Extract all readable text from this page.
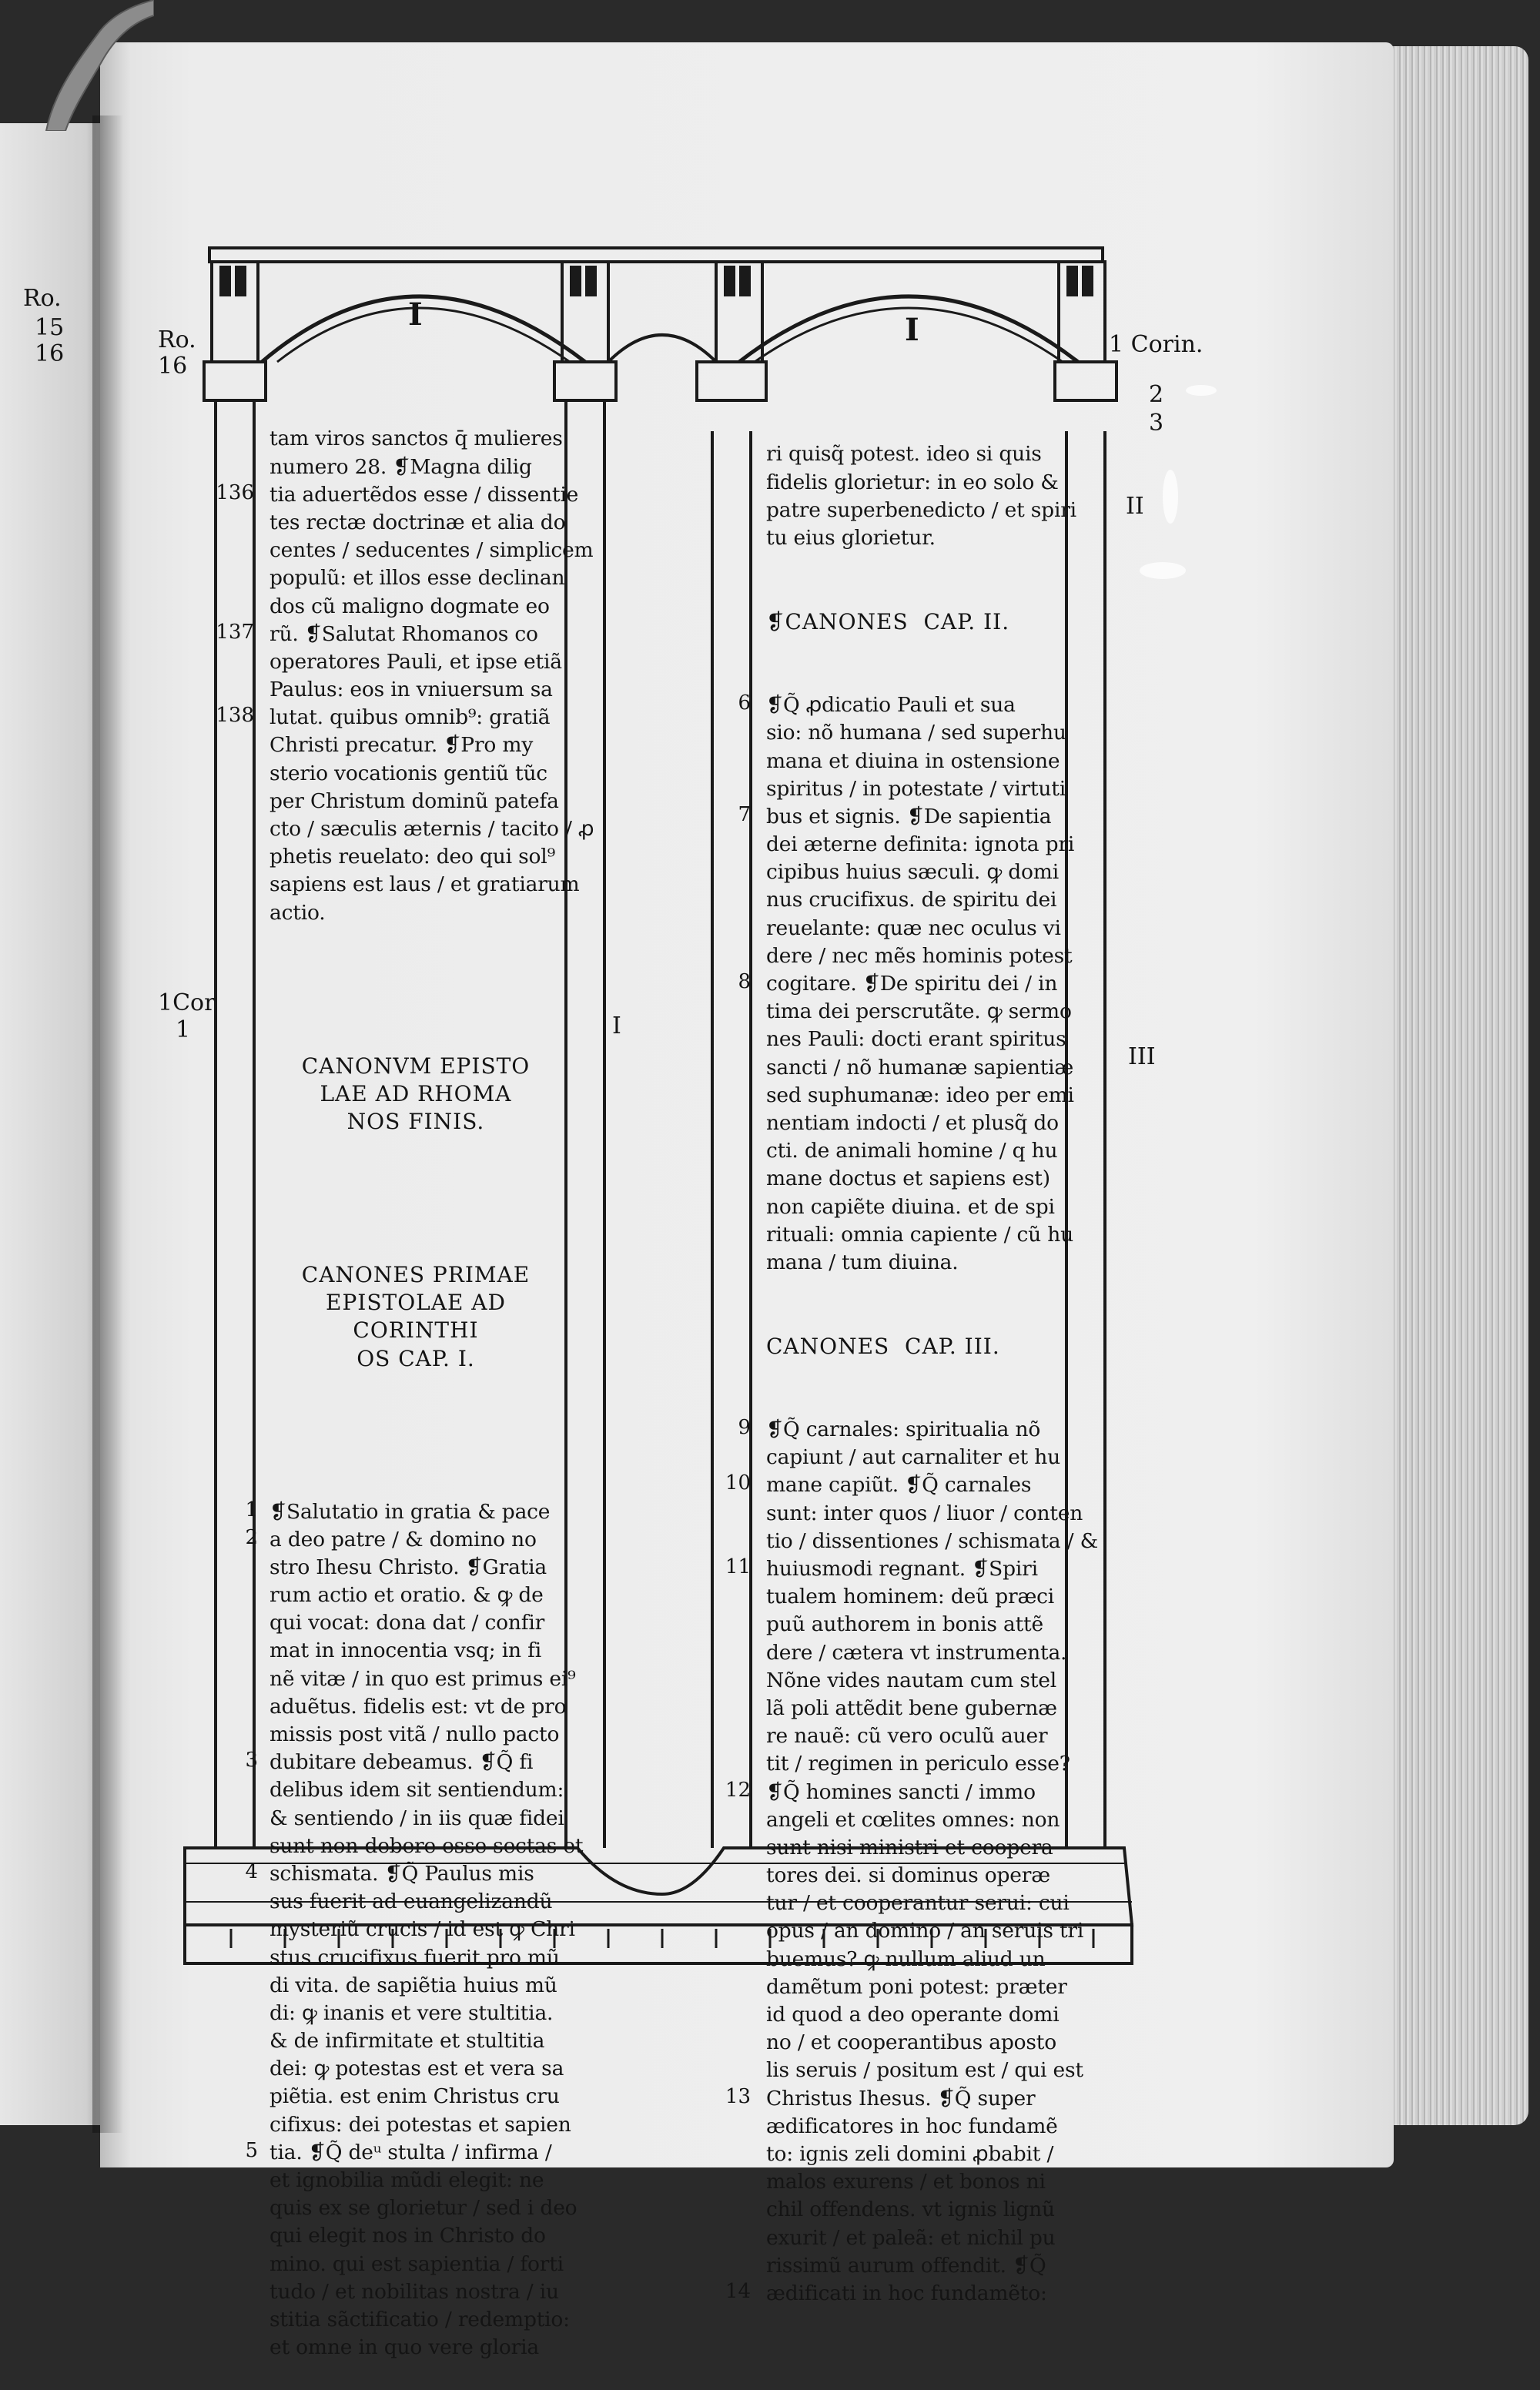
I	I
Ro.
16
Ro.
15
16	1 Corin.
2
3
II
I
III
1Cor
1

tam viros sanctos q̄ mulieres
numero 28. ❡Magna dilig
tia aduertẽdos esse / dissentie
tes rectæ doctrinæ et alia do
centes / seducentes / simplicem
populũ: et illos esse declinan
dos cũ maligno dogmate eo
rũ. ❡Salutat Rhomanos co
operatores Pauli, et ipse etiã
Paulus: eos in vniuersum sa
lutat. quibus omnib⁹: gratiã
Christi precatur. ❡Pro my
sterio vocationis gentiũ tũc
per Christum dominũ patefa
cto / sæculis æternis / tacito / ꝓ
phetis reuelato: deo qui sol⁹
sapiens est laus / et gratiarum
actio.

CANONVM EPISTO
LAE AD RHOMA
NOS FINIS.

CANONES PRIMAE
EPISTOLAE AD
CORINTHI
OS CAP. I.

❡Salutatio in gratia & pace
a deo patre / & domino no
stro Ihesu Christo. ❡Gratia
rum actio et oratio. & ꝙ de
qui vocat: dona dat / confir
mat in innocentia vsq; in fi
nẽ vitæ / in quo est primus ei⁹
aduẽtus. fidelis est: vt de pro
missis post vitã / nullo pacto
dubitare debeamus. ❡Q̃ fi
delibus idem sit sentiendum:
& sentiendo / in iis quæ fidei
sunt non debere esse sectas et
schismata. ❡Q̃ Paulus mis
sus fuerit ad euangelizandũ
mysteriũ crucis / id est ꝙ Chri
stus crucifixus fuerit pro mũ
di vita. de sapiẽtia huius mũ
di: ꝙ inanis et vere stultitia.
& de infirmitate et stultitia
dei: ꝙ potestas est et vera sa
piẽtia. est enim Christus cru
cifixus: dei potestas et sapien
tia. ❡Q̃ deᵘ stulta / infirma /
et ignobilia mũdi elegit: ne
quis ex se glorietur / sed i deo
qui elegit nos in Christo do
mino. qui est sapientia / forti
tudo / et nobilitas nostra / iu
stitia sãctificatio / redemptio:
et omne in quo vere gloria

ri quisq̃ potest. ideo si quis
fidelis glorietur: in eo solo &
patre superbenedicto / et spiri
tu eius glorietur.

❡CANONES  CAP. II.

❡Q̃ ꝓdicatio Pauli et sua
sio: nõ humana / sed superhu
mana et diuina in ostensione
spiritus / in potestate / virtuti
bus et signis. ❡De sapientia
dei æterne definita: ignota pri
cipibus huius sæculi. ꝙ domi
nus crucifixus. de spiritu dei
reuelante: quæ nec oculus vi
dere / nec mẽs hominis potest
cogitare. ❡De spiritu dei / in
tima dei perscrutãte. ꝙ sermo
nes Pauli: docti erant spiritus
sancti / nõ humanæ sapientiæ
sed suphumanæ: ideo per emi
nentiam indocti / et plusq̃ do
cti. de animali homine / q hu
mane doctus et sapiens est)
non capiẽte diuina. et de spi
rituali: omnia capiente / cũ hu
mana / tum diuina.

CANONES  CAP. III.

❡Q̃ carnales: spiritualia nõ
capiunt / aut carnaliter et hu
mane capiũt. ❡Q̃ carnales
sunt: inter quos / liuor / conten
tio / dissentiones / schismata / &
huiusmodi regnant. ❡Spiri
tualem hominem: deũ præci
puũ authorem in bonis attẽ
dere / cætera vt instrumenta.
Nõne vides nautam cum stel
lã poli attẽdit bene gubernæ
re nauẽ: cũ vero oculũ auer
tit / regimen in periculo esse?
❡Q̃ homines sancti / immo
angeli et cœlites omnes: non
sunt nisi ministri et coopera
tores dei. si dominus operæ
tur / et cooperantur serui: cui
opus / an domino / an seruis tri
buemus? ꝙ nullum aliud un
damẽtum poni potest: præter
id quod a deo operante domi
no / et cooperantibus aposto
lis seruis / positum est / qui est
Christus Ihesus. ❡Q̃ super
ædificatores in hoc fundamẽ
to: ignis zeli domini ꝓbabit /
malos exurens / et bonos ni
chil offendens. vt ignis lignũ
exurit / et paleã: et nichil pu
rissimũ aurum offendit. ❡Q̃
ædificati in hoc fundamẽto:

136
137
138
1
2
3
4
5
6
7
8
9
10
11
12
13
14
